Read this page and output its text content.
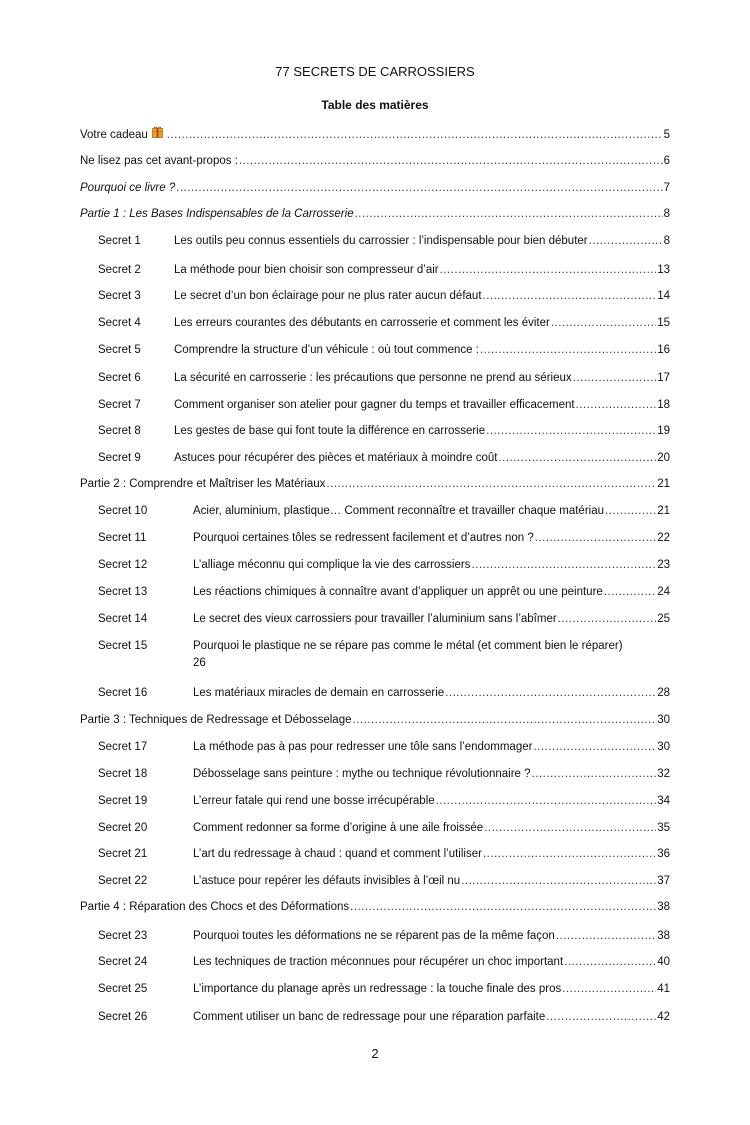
77 SECRETS DE CARROSSIERS
Table des matières
Votre cadeau .....	5
Ne lisez pas cet avant-propos : .....	6
Pourquoi ce livre ? .....	7
Partie 1 : Les Bases Indispensables de la Carrosserie .....	8
Secret 1	Les outils peu connus essentiels du carrossier : l’indispensable pour bien débuter .....	8
Secret 2	La méthode pour bien choisir son compresseur d’air .....	13
Secret 3	Le secret d’un bon éclairage pour ne plus rater aucun défaut .....	14
Secret 4	Les erreurs courantes des débutants en carrosserie et comment les éviter .....	15
Secret 5	Comprendre la structure d’un véhicule : où tout commence : .....	16
Secret 6	La sécurité en carrosserie : les précautions que personne ne prend au sérieux .....	17
Secret 7	Comment organiser son atelier pour gagner du temps et travailler efficacement .....	18
Secret 8	Les gestes de base qui font toute la différence en carrosserie .....	19
Secret 9	Astuces pour récupérer des pièces et matériaux à moindre coût .....	20
Partie 2 : Comprendre et Maîtriser les Matériaux .....	21
Secret 10	Acier, aluminium, plastique… Comment reconnaître et travailler chaque matériau .....	21
Secret 11	Pourquoi certaines tôles se redressent facilement et d’autres non ? .....	22
Secret 12	L’alliage méconnu qui complique la vie des carrossiers .....	23
Secret 13	Les réactions chimiques à connaître avant d’appliquer un apprêt ou une peinture .....	24
Secret 14	Le secret des vieux carrossiers pour travailler l’aluminium sans l’abîmer .....	25
Secret 15	Pourquoi le plastique ne se répare pas comme le métal (et comment bien le réparer)
26
Secret 16	Les matériaux miracles de demain en carrosserie .....	28
Partie 3 : Techniques de Redressage et Débosselage .....	30
Secret 17	La méthode pas à pas pour redresser une tôle sans l’endommager .....	30
Secret 18	Débosselage sans peinture : mythe ou technique révolutionnaire ? .....	32
Secret 19	L’erreur fatale qui rend une bosse irrécupérable .....	34
Secret 20	Comment redonner sa forme d’origine à une aile froissée .....	35
Secret 21	L’art du redressage à chaud : quand et comment l’utiliser .....	36
Secret 22	L’astuce pour repérer les défauts invisibles à l’œil nu .....	37
Partie 4 : Réparation des Chocs et des Déformations .....	38
Secret 23	Pourquoi toutes les déformations ne se réparent pas de la même façon .....	38
Secret 24	Les techniques de traction méconnues pour récupérer un choc important .....	40
Secret 25	L’importance du planage après un redressage : la touche finale des pros .....	41
Secret 26	Comment utiliser un banc de redressage pour une réparation parfaite .....	42
2
